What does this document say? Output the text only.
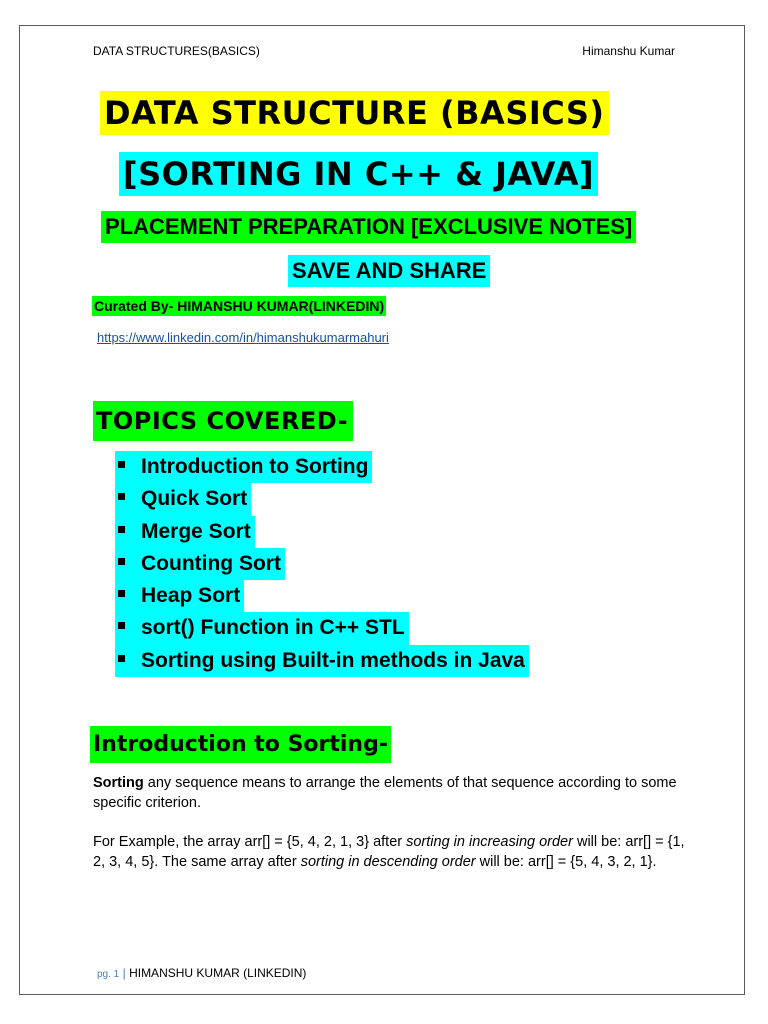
DATA STRUCTURES(BASICS)	Himanshu Kumar
DATA STRUCTURE (BASICS)
[SORTING IN C++ & JAVA]
PLACEMENT PREPARATION [EXCLUSIVE NOTES]
SAVE AND SHARE
Curated By- HIMANSHU KUMAR(LINKEDIN)
https://www.linkedin.com/in/himanshukumarmahuri
TOPICS COVERED-
Introduction to Sorting
Quick Sort
Merge Sort
Counting Sort
Heap Sort
sort() Function in C++ STL
Sorting using Built-in methods in Java
Introduction to Sorting-
Sorting any sequence means to arrange the elements of that sequence according to some specific criterion.
For Example, the array arr[] = {5, 4, 2, 1, 3} after sorting in increasing order will be: arr[] = {1, 2, 3, 4, 5}. The same array after sorting in descending order will be: arr[] = {5, 4, 3, 2, 1}.
pg. 1 | HIMANSHU KUMAR (LINKEDIN)
